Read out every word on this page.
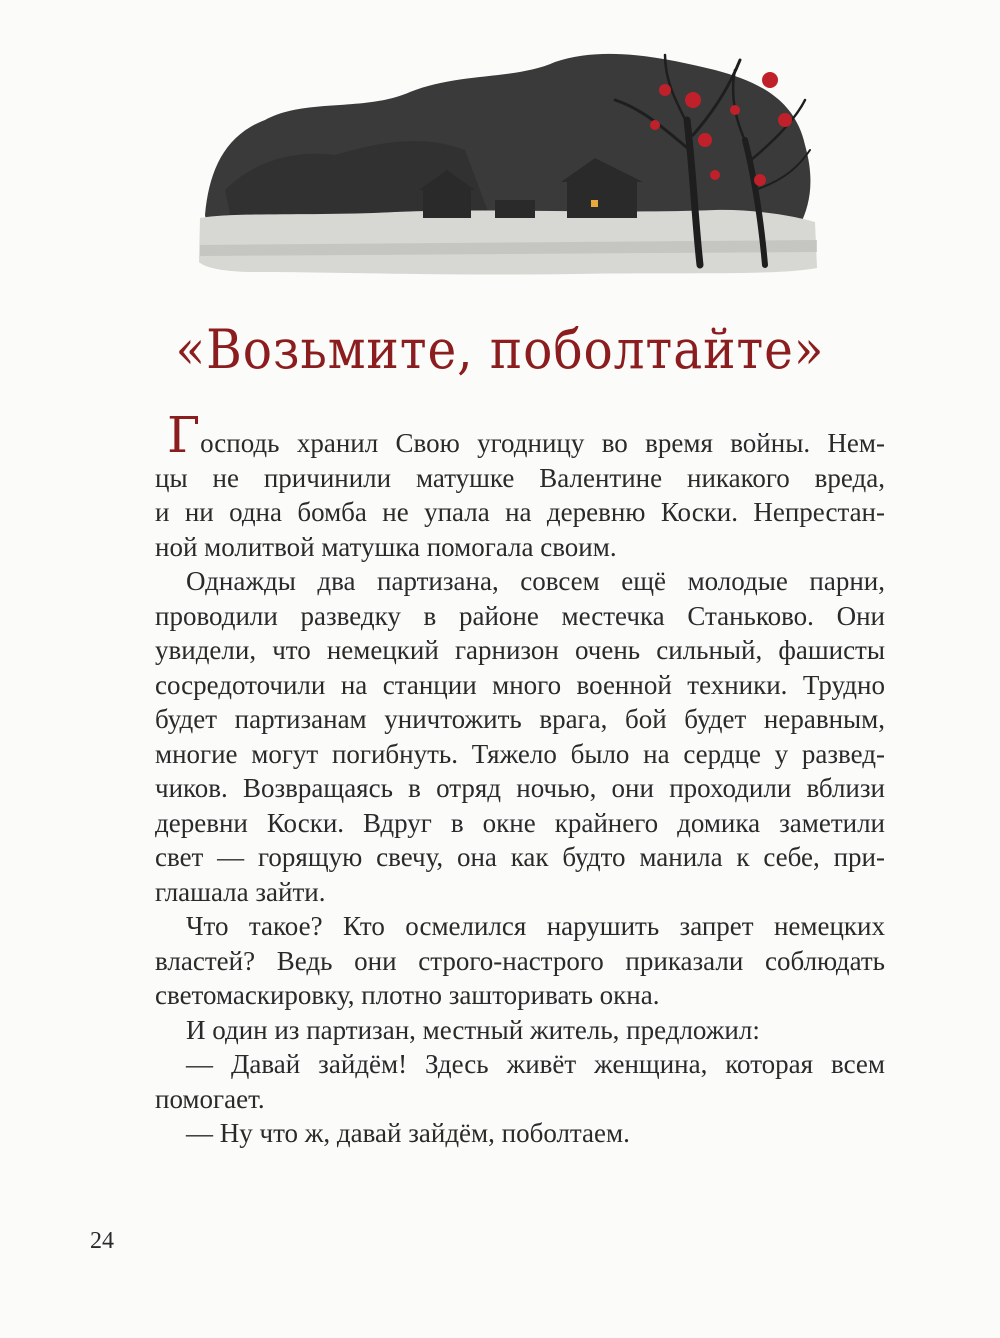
«Возьмите, поболтайте»
Господь хранил Свою угодницу во время войны. Нем-
цы не причинили матушке Валентине никакого вреда,
и ни одна бомба не упала на деревню Коски. Непрестан-
ной молитвой матушка помогала своим.
Однажды два партизана, совсем ещё молодые парни,
проводили разведку в районе местечка Станьково. Они
увидели, что немецкий гарнизон очень сильный, фашисты
сосредоточили на станции много военной техники. Трудно
будет партизанам уничтожить врага, бой будет неравным,
многие могут погибнуть. Тяжело было на сердце у развед-
чиков. Возвращаясь в отряд ночью, они проходили вблизи
деревни Коски. Вдруг в окне крайнего домика заметили
свет — горящую свечу, она как будто манила к себе, при-
глашала зайти.
Что такое? Кто осмелился нарушить запрет немецких
властей? Ведь они строго-настрого приказали соблюдать
светомаскировку, плотно зашторивать окна.
И один из партизан, местный житель, предложил:
— Давай зайдём! Здесь живёт женщина, которая всем
помогает.
— Ну что ж, давай зайдём, поболтаем.
24
